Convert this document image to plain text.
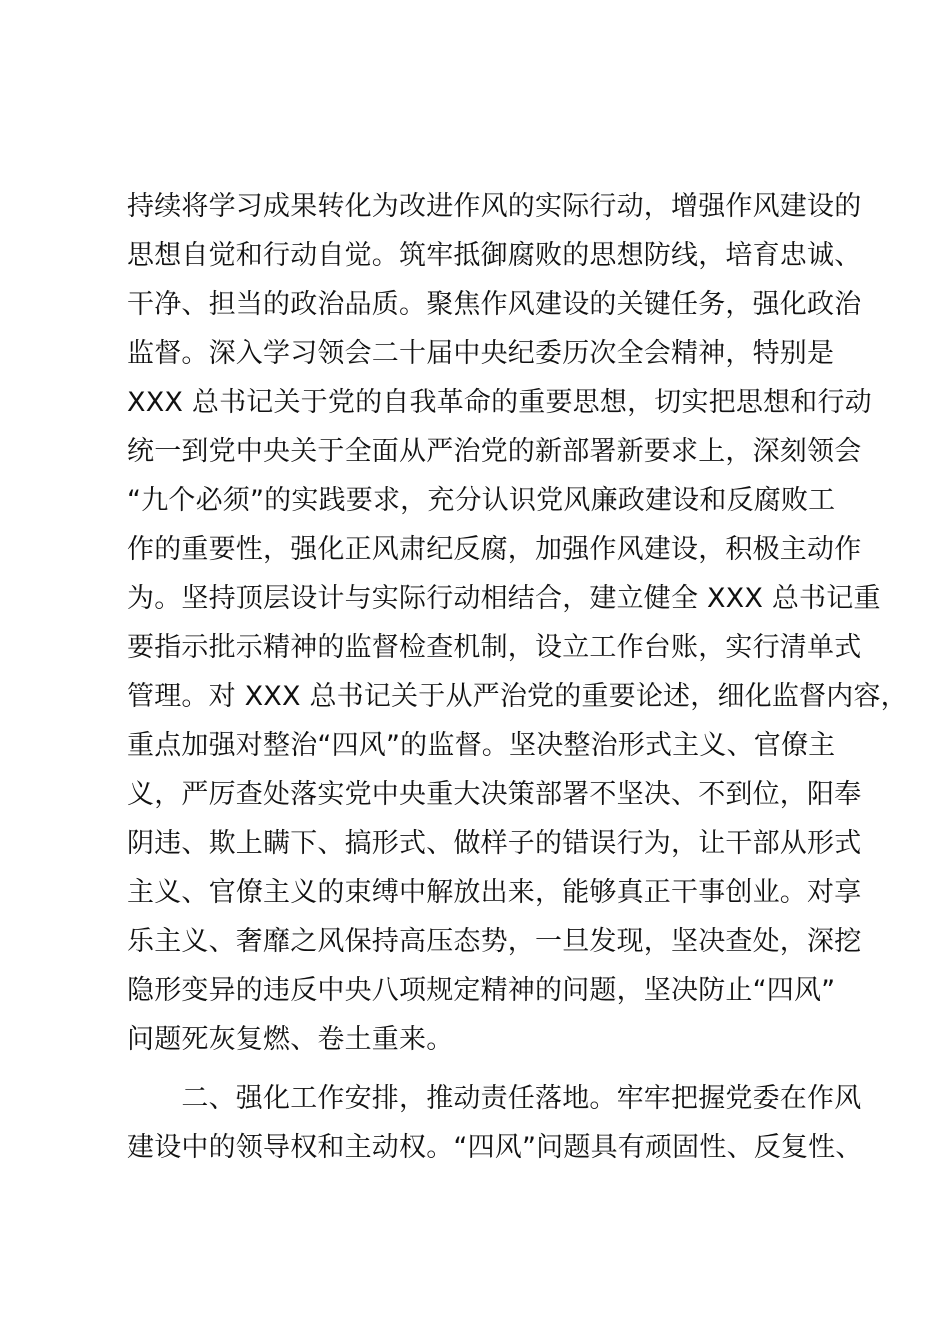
持续将学习成果转化为改进作风的实际行动，增强作风建设的
思想自觉和行动自觉。筑牢抵御腐败的思想防线，培育忠诚、
干净、担当的政治品质。聚焦作风建设的关键任务，强化政治
监督。深入学习领会二十届中央纪委历次全会精神，特别是
XXX 总书记关于党的自我革命的重要思想，切实把思想和行动
统一到党中央关于全面从严治党的新部署新要求上，深刻领会
“九个必须”的实践要求，充分认识党风廉政建设和反腐败工
作的重要性，强化正风肃纪反腐，加强作风建设，积极主动作
为。坚持顶层设计与实际行动相结合，建立健全 XXX 总书记重
要指示批示精神的监督检查机制，设立工作台账，实行清单式
管理。对 XXX 总书记关于从严治党的重要论述，细化监督内容，
重点加强对整治“四风”的监督。坚决整治形式主义、官僚主
义，严厉查处落实党中央重大决策部署不坚决、不到位，阳奉
阴违、欺上瞒下、搞形式、做样子的错误行为，让干部从形式
主义、官僚主义的束缚中解放出来，能够真正干事创业。对享
乐主义、奢靡之风保持高压态势，一旦发现，坚决查处，深挖
隐形变异的违反中央八项规定精神的问题，坚决防止“四风”
问题死灰复燃、卷土重来。
　　二、强化工作安排，推动责任落地。牢牢把握党委在作风
建设中的领导权和主动权。“四风”问题具有顽固性、反复性、
